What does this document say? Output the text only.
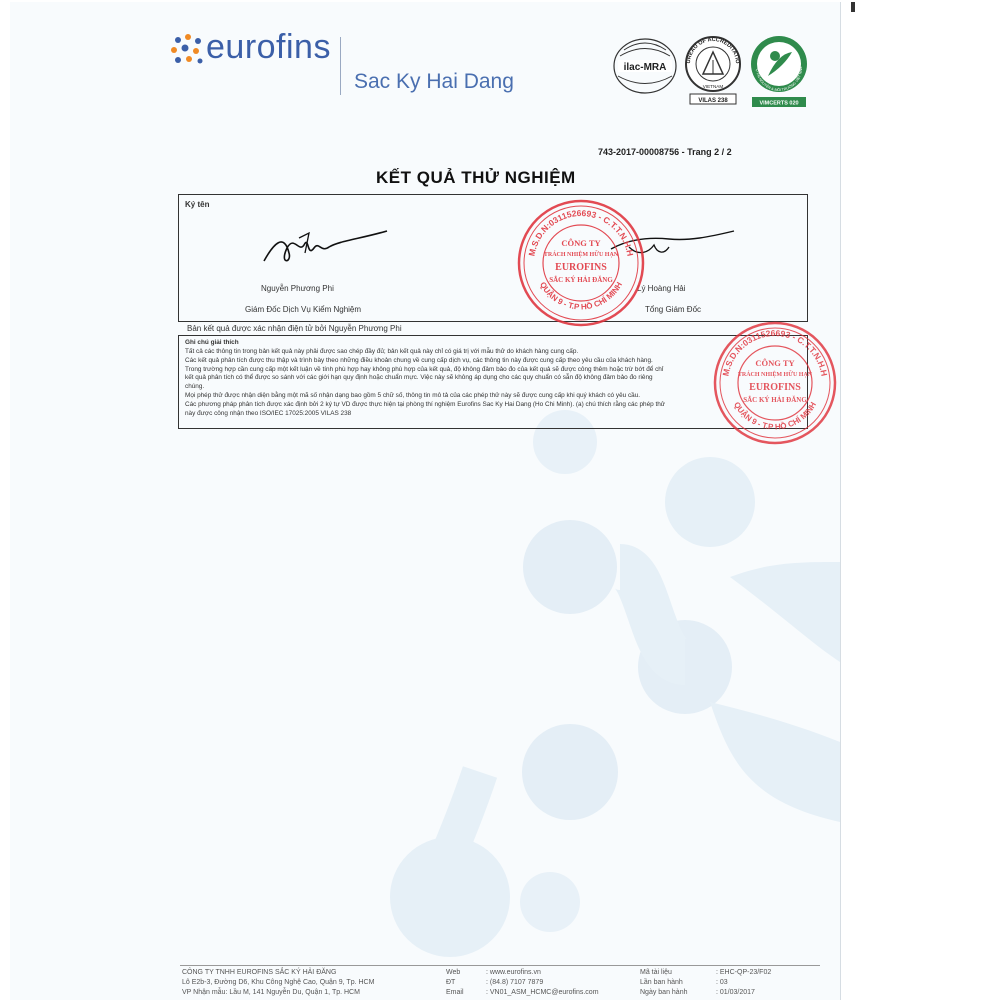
eurofins
Sac Ky Hai Dang
ilac-MRA
UREAU OF ACCREDITATIO
VIETNAM
VILAS 238
Ộ TÀI NGUYÊN & MÔI TRƯỜNG VIỆT NAM
VIMCERTS 020
743-2017-00008756 - Trang 2 / 2
KẾT QUẢ THỬ NGHIỆM
Ký tên
Nguyễn Phương Phi
Giám Đốc Dịch Vụ Kiểm Nghiệm
Lý Hoàng Hải
Tổng Giám Đốc
Bản kết quả được xác nhận điện tử bởi Nguyễn Phương Phi
Ghi chú giải thích
Tất cả các thông tin trong bản kết quả này phải được sao chép đầy đủ; bản kết quả này chỉ có giá trị với mẫu thử do khách hàng cung cấp.
Các kết quả phân tích được thu thập và trình bày theo những điều khoản chung về cung cấp dịch vụ, các thông tin này được cung cấp theo yêu cầu của khách hàng.
Trong trường hợp cần cung cấp một kết luận về tính phù hợp hay không phù hợp của kết quả, độ không đảm bảo đo của kết quả sẽ được công thêm hoặc trừ bớt để chỉ
kết quả phân tích có thể được so sánh với các giới hạn quy định hoặc chuẩn mực. Việc này sẽ không áp dụng cho các quy chuẩn có sẵn độ không đảm bảo đo riêng
chúng.
Mọi phép thử được nhận diện bằng một mã số nhận dạng bao gồm 5 chữ số, thông tin mô tả của các phép thử này sẽ được cung cấp khi quý khách có yêu cầu.
Các phương pháp phân tích được xác định bởi 2 ký tự VD được thực hiện tại phòng thí nghiệm Eurofins Sac Ky Hai Dang (Ho Chi Minh). (a) chú thích rằng các phép thử
này được công nhận theo ISO/IEC 17025:2005 VILAS 238
M.S.D.N:0311526693 - C.T.T.N.H.H
QUẬN 9 - T.P HỒ CHÍ MINH
CÔNG TY
TRÁCH NHIỆM HỮU HẠN
EUROFINS
SẮC KÝ HẢI ĐĂNG
M.S.D.N:0311526693 - C.T.T.N.H.H
QUẬN 9 - T.P HỒ CHÍ MINH
CÔNG TY
TRÁCH NHIỆM HỮU HẠN
EUROFINS
SẮC KÝ HẢI ĐĂNG
CÔNG TY TNHH EUROFINS SẮC KÝ HẢI ĐĂNG
Lô E2b-3, Đường D6, Khu Công Nghệ Cao, Quận 9, Tp. HCM
VP Nhận mẫu: Lầu M, 141 Nguyễn Du, Quận 1, Tp. HCM
Web	: www.eurofins.vn
ĐT	: (84.8) 7107 7879
Email	: VN01_ASM_HCMC@eurofins.com
Mã tài liệu	: EHC-QP-23/F02
Lần ban hành	: 03
Ngày ban hành	: 01/03/2017
